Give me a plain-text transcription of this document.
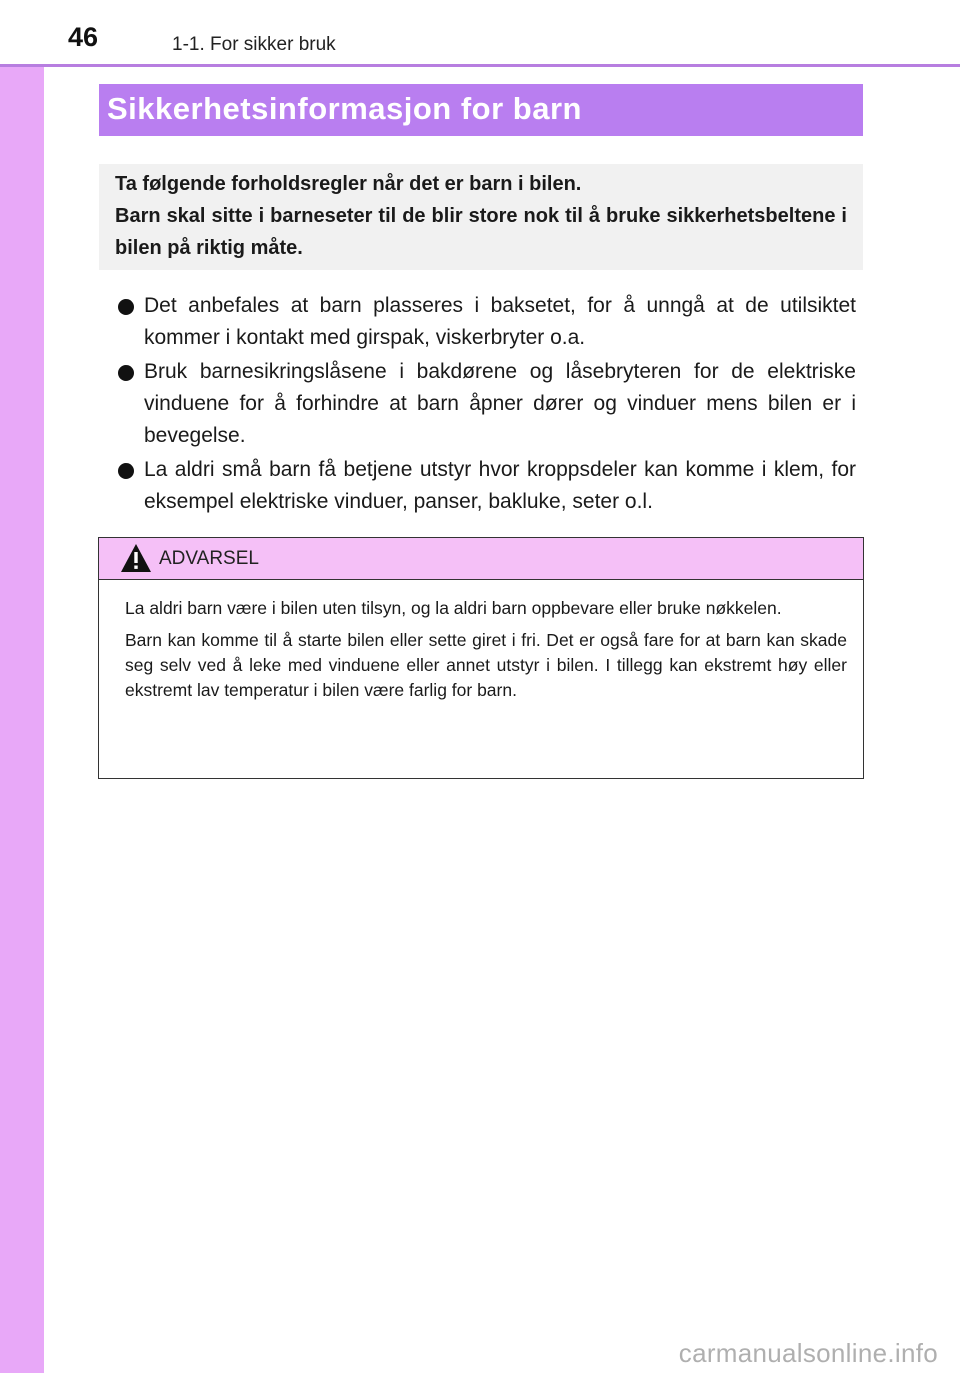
46	1-1. For sikker bruk
Sikkerhetsinformasjon for barn

Ta følgende forholdsregler når det er barn i bilen.

Barn skal sitte i barneseter til de blir store nok til å bruke sikkerhetsbeltene i bilen på riktig måte.

Det anbefales at barn plasseres i baksetet, for å unngå at de utilsiktet kommer i kontakt med girspak, viskerbryter o.a.
Bruk barnesikringslåsene i bakdørene og låsebryteren for de elektriske vinduene for å forhindre at barn åpner dører og vinduer mens bilen er i bevegelse.
La aldri små barn få betjene utstyr hvor kroppsdeler kan komme i klem, for eksempel elektriske vinduer, panser, bakluke, seter o.l.
ADVARSEL

La aldri barn være i bilen uten tilsyn, og la aldri barn oppbevare eller bruke nøkkelen.

Barn kan komme til å starte bilen eller sette giret i fri. Det er også fare for at barn kan skade seg selv ved å leke med vinduene eller annet utstyr i bilen. I tillegg kan ekstremt høy eller ekstremt lav temperatur i bilen være farlig for barn.

carmanualsonline.info
